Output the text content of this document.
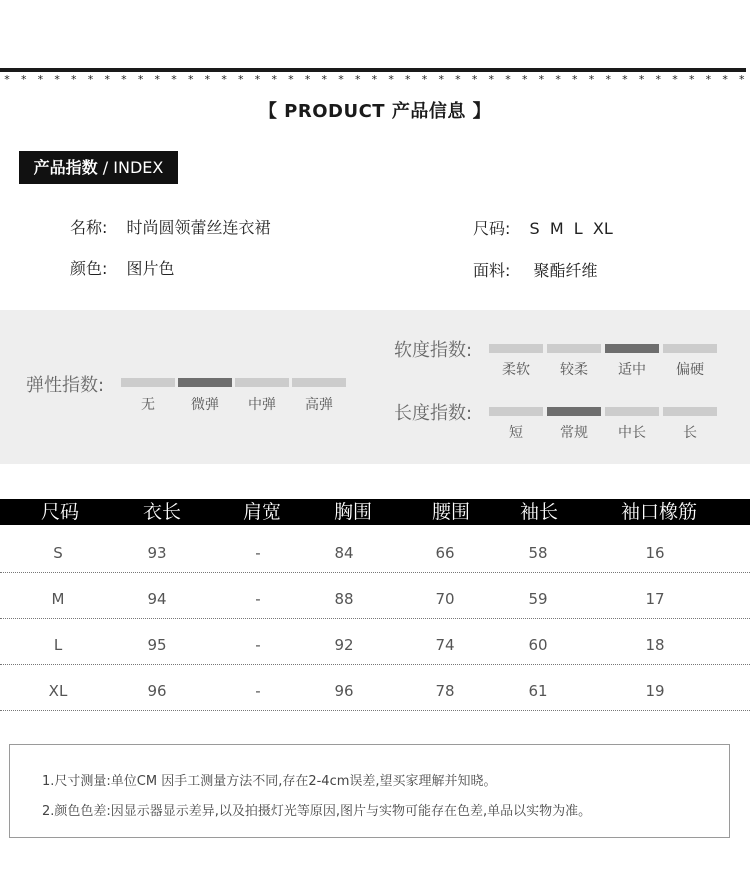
* * * * * * * * * * * * * * * * * * * * * * * * * * * * * * * * * * * * * * * * * * * * *
【 PRODUCT 产品信息 】
产品指数 / INDEX
名称: 时尚圆领蕾丝连衣裙	尺码: S  M  L  XL
颜色: 图片色	面料: 聚酯纤维
弹性指数:
无	微弹	中弹	高弹
软度指数:
柔软	较柔	适中	偏硬
长度指数:
短	常规	中长	长
尺码	衣长	肩宽	胸围	腰围	袖长	袖口橡筋
S	93	-	84	66	58	16
M	94	-	88	70	59	17
L	95	-	92	74	60	18
XL	96	-	96	78	61	19
1.尺寸测量:单位CM 因手工测量方法不同,存在2-4cm误差,望买家理解并知晓。
2.颜色色差:因显示器显示差异,以及拍摄灯光等原因,图片与实物可能存在色差,单品以实物为准。
